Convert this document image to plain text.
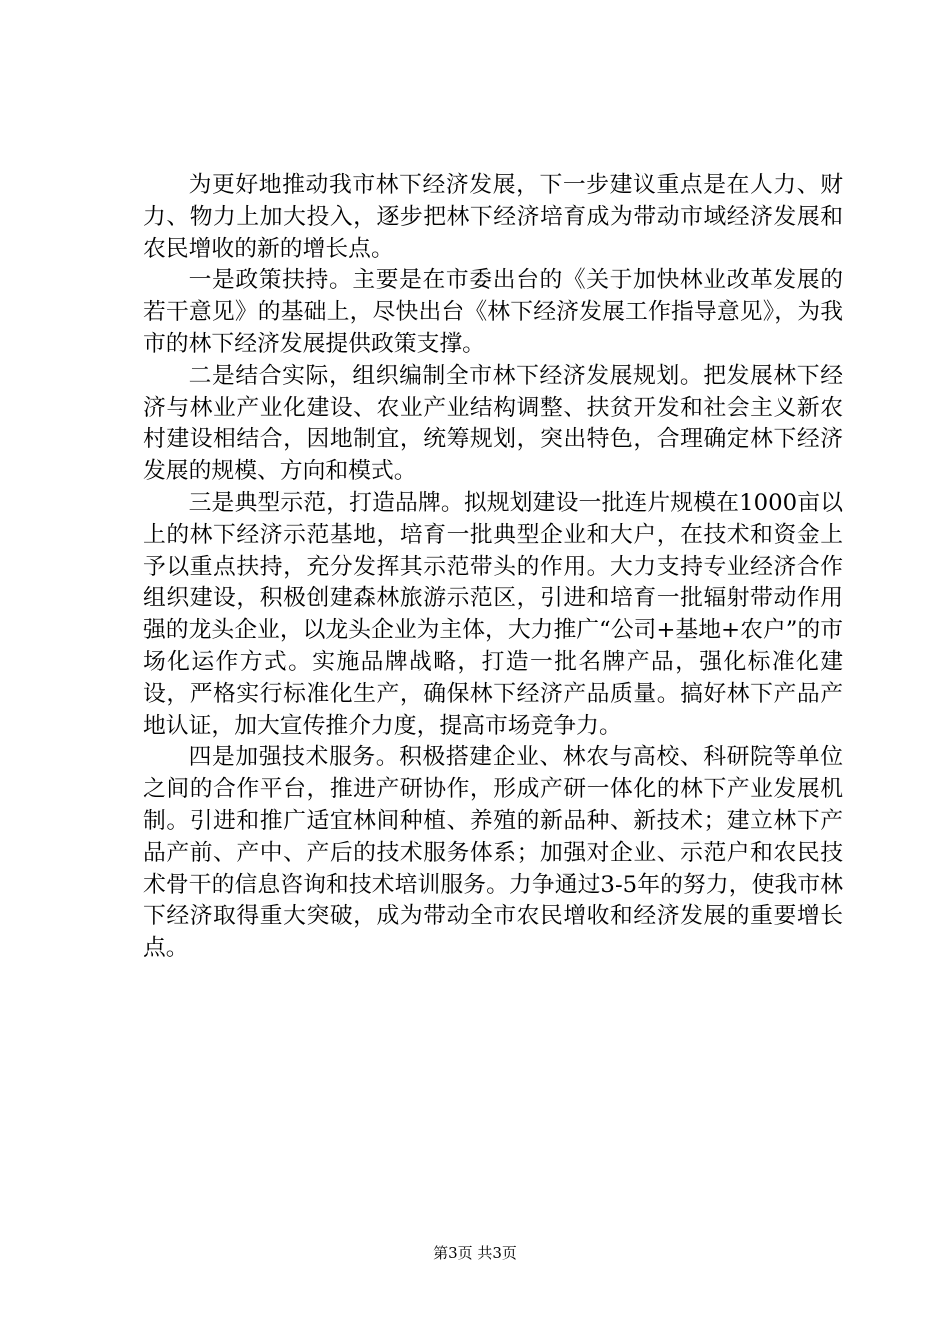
为更好地推动我市林下经济发展，下一步建议重点是在人力、财力、物力上加大投入，逐步把林下经济培育成为带动市域经济发展和农民增收的新的增长点。

一是政策扶持。主要是在市委出台的《关于加快林业改革发展的若干意见》的基础上，尽快出台《林下经济发展工作指导意见》，为我市的林下经济发展提供政策支撑。

二是结合实际，组织编制全市林下经济发展规划。把发展林下经济与林业产业化建设、农业产业结构调整、扶贫开发和社会主义新农村建设相结合，因地制宜，统筹规划，突出特色，合理确定林下经济发展的规模、方向和模式。

三是典型示范，打造品牌。拟规划建设一批连片规模在1000亩以上的林下经济示范基地，培育一批典型企业和大户，在技术和资金上予以重点扶持，充分发挥其示范带头的作用。大力支持专业经济合作组织建设，积极创建森林旅游示范区，引进和培育一批辐射带动作用强的龙头企业，以龙头企业为主体，大力推广“公司+基地+农户”的市场化运作方式。实施品牌战略，打造一批名牌产品，强化标准化建设，严格实行标准化生产，确保林下经济产品质量。搞好林下产品产地认证，加大宣传推介力度，提高市场竞争力。

四是加强技术服务。积极搭建企业、林农与高校、科研院等单位之间的合作平台，推进产研协作，形成产研一体化的林下产业发展机制。引进和推广适宜林间种植、养殖的新品种、新技术；建立林下产品产前、产中、产后的技术服务体系；加强对企业、示范户和农民技术骨干的信息咨询和技术培训服务。力争通过3-5年的努力，使我市林下经济取得重大突破，成为带动全市农民增收和经济发展的重要增长点。

第3页 共3页
